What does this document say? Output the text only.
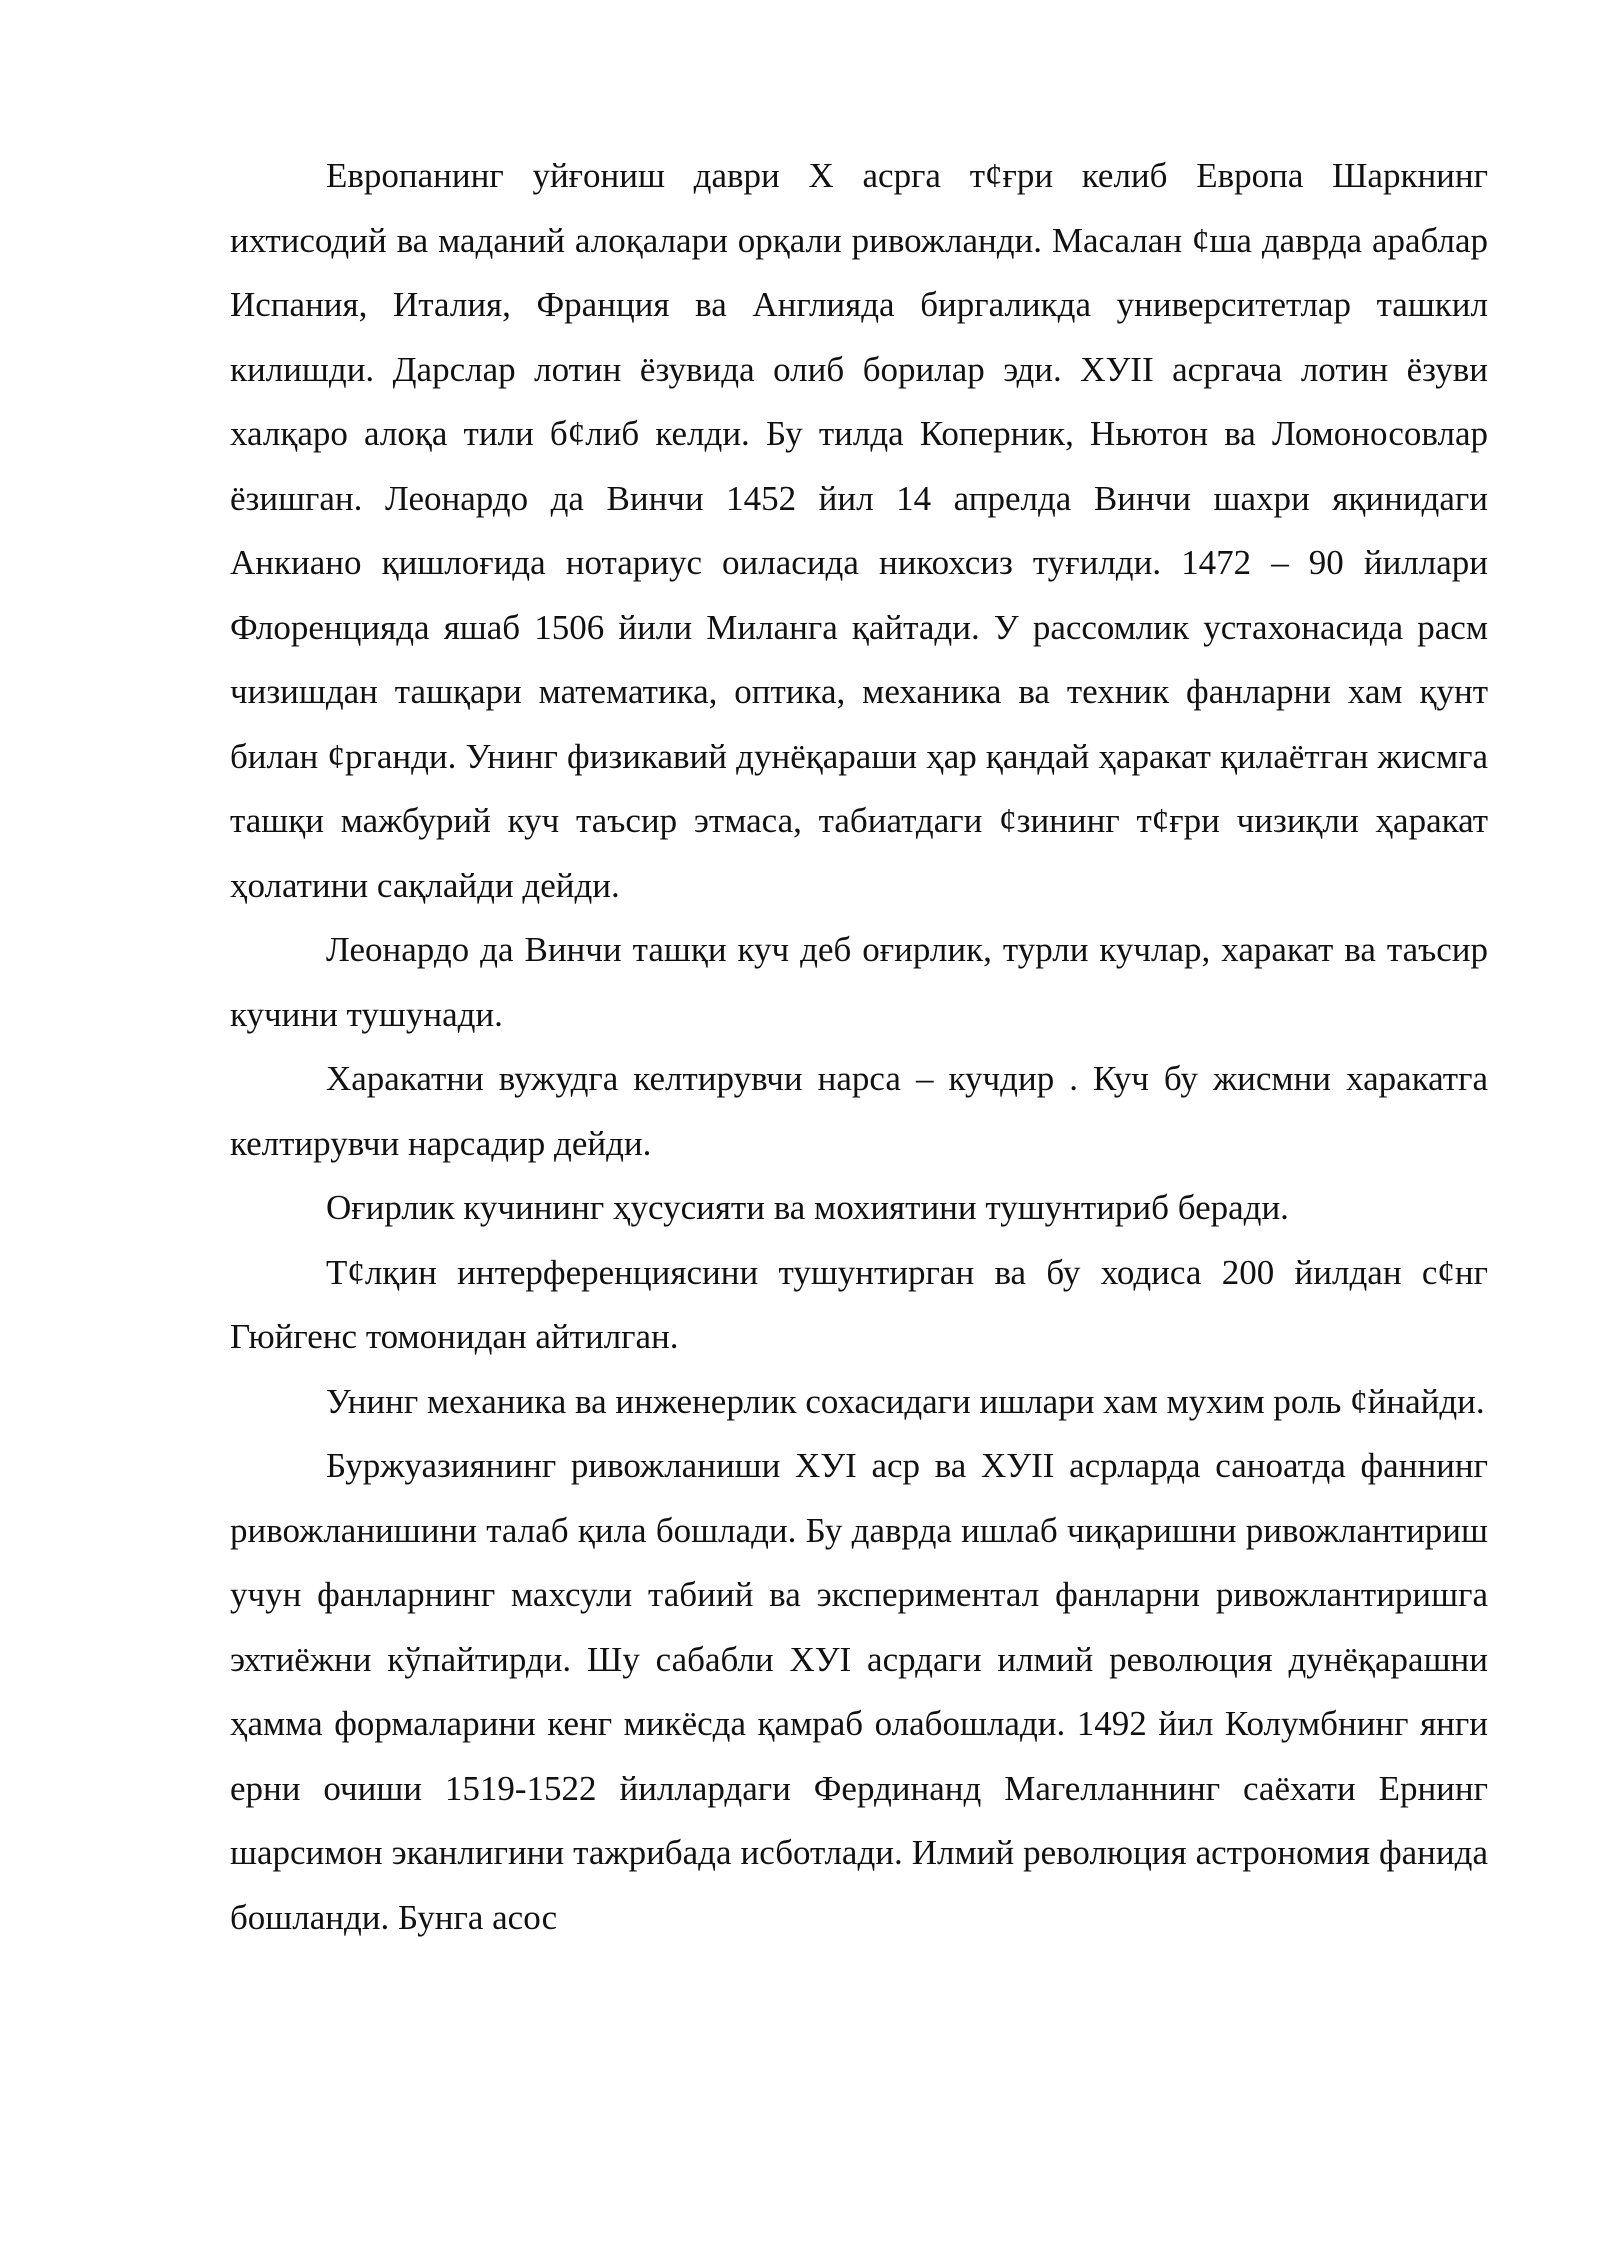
Европанинг уйғониш даври X асрга т¢ғри келиб Европа Шаркнинг ихтисодий ва маданий алоқалари орқали ривожланди. Масалан ¢ша даврда араблар Испания, Италия, Франция ва Англияда биргаликда университетлар ташкил килишди. Дарслар лотин ёзувида олиб борилар эди. ХУII асргача лотин ёзуви халқаро алоқа тили б¢либ келди. Бу тилда Коперник, Ньютон ва Ломоносовлар ёзишган. Леонардо да Винчи 1452 йил 14 апрелда Винчи шахри яқинидаги Анкиано қишлоғида нотариус оиласида никохсиз туғилди. 1472 – 90 йиллари Флоренцияда яшаб 1506 йили Миланга қайтади. У рассомлик устахонасида расм чизишдан ташқари математика, оптика, механика ва техник фанларни хам қунт билан ¢рганди. Унинг физикавий дунёқараши ҳар қандай ҳаракат қилаётган жисмга ташқи мажбурий куч таъсир этмаса, табиатдаги ¢зининг т¢ғри чизиқли ҳаракат ҳолатини сақлайди дейди.

Леонардо да Винчи ташқи куч деб оғирлик, турли кучлар, харакат ва таъсир кучини тушунади.

Харакатни вужудга келтирувчи нарса – кучдир . Куч бу жисмни харакатга келтирувчи нарсадир дейди.

Оғирлик кучининг ҳусусияти ва мохиятини тушунтириб беради.

Т¢лқин интерференциясини тушунтирган ва бу ходиса 200 йилдан с¢нг Гюйгенс томонидан айтилган.

Унинг механика ва инженерлик сохасидаги ишлари хам мухим роль ¢йнайди.

Буржуазиянинг ривожланиши ХУI аср ва ХУII асрларда саноатда фаннинг ривожланишини талаб қила бошлади. Бу даврда ишлаб чиқаришни ривожлантириш учун фанларнинг махсули табиий ва экспериментал фанларни ривожлантиришга эхтиёжни кўпайтирди. Шу сабабли ХУI асрдаги илмий революция дунёқарашни ҳамма формаларини кенг микёсда қамраб олабошлади. 1492 йил Колумбнинг янги ерни очиши 1519-1522 йиллардаги Фердинанд Магелланнинг саёхати Ернинг шарсимон эканлигини тажрибада исботлади. Илмий революция астрономия фанида бошланди. Бунга асос
